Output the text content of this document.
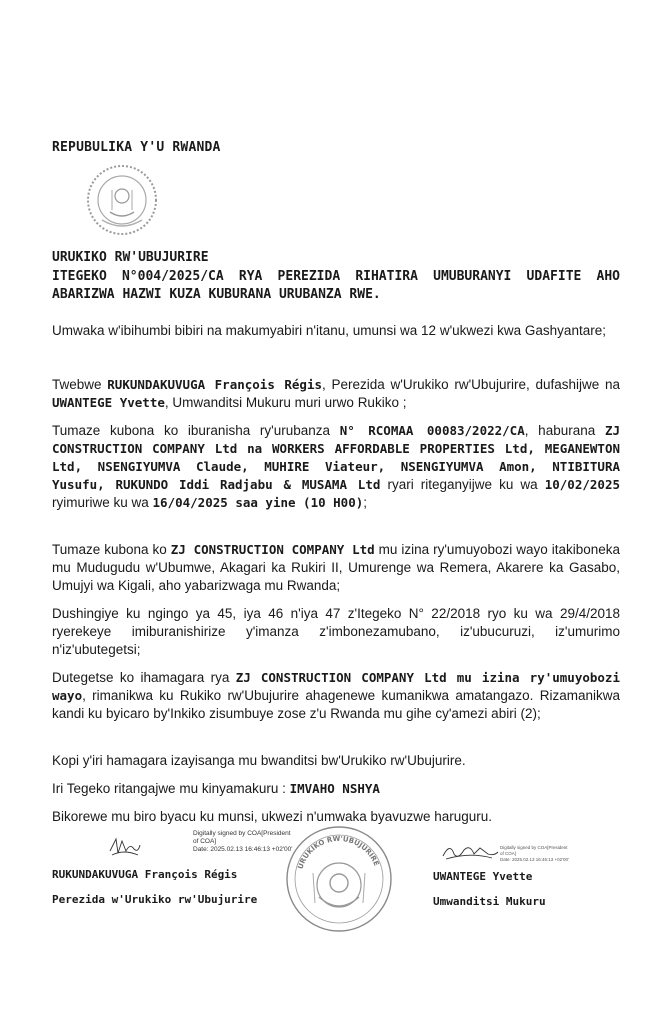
REPUBULIKA Y'U RWANDA
URUKIKO RW'UBUJURIRE
ITEGEKO N°004/2025/CA RYA PEREZIDA RIHATIRA UMUBURANYI UDAFITE AHO ABARIZWA HAZWI KUZA KUBURANA URUBANZA RWE.
Umwaka w'ibihumbi bibiri na makumyabiri n'itanu, umunsi wa 12 w'ukwezi kwa Gashyantare;
Twebwe RUKUNDAKUVUGA François Régis, Perezida w'Urukiko rw'Ubujurire, dufashijwe na UWANTEGE Yvette, Umwanditsi Mukuru muri urwo Rukiko ;
Tumaze kubona ko iburanisha ry'urubanza N° RCOMAA 00083/2022/CA, haburana ZJ CONSTRUCTION COMPANY Ltd na WORKERS AFFORDABLE PROPERTIES Ltd, MEGANEWTON Ltd, NSENGIYUMVA Claude, MUHIRE Viateur, NSENGIYUMVA Amon, NTIBITURA Yusufu, RUKUNDO Iddi Radjabu & MUSAMA Ltd ryari riteganyijwe ku wa 10/02/2025 ryimuriwe ku wa 16/04/2025 saa yine (10 H00);
Tumaze kubona ko ZJ CONSTRUCTION COMPANY Ltd mu izina ry'umuyobozi wayo itakiboneka mu Mudugudu w'Ubumwe, Akagari ka Rukiri II, Umurenge wa Remera, Akarere ka Gasabo, Umujyi wa Kigali, aho yabarizwaga mu Rwanda;
Dushingiye ku ngingo ya 45, iya 46 n'iya 47 z'Itegeko N° 22/2018 ryo ku wa 29/4/2018 ryerekeye imiburanishirize y'imanza z'imbonezamubano, iz'ubucuruzi, iz'umurimo n'iz'ubutegetsi;
Dutegetse ko ihamagara rya ZJ CONSTRUCTION COMPANY Ltd mu izina ry'umuyobozi wayo, rimanikwa ku Rukiko rw'Ubujurire ahagenewe kumanikwa amatangazo. Rizamanikwa kandi ku byicaro by'Inkiko zisumbuye zose z'u Rwanda mu gihe cy'amezi abiri (2);
Kopi y'iri hamagara izayisanga mu bwanditsi bw'Urukiko rw'Ubujurire.
Iri Tegeko ritangajwe mu kinyamakuru : IMVAHO NSHYA
Bikorewe mu biro byacu ku munsi, ukwezi n'umwaka byavuzwe haruguru.
Digitally signed by COA[President
of COA]
Date: 2025.02.13 16:46:13 +02'00'
URUKIKO RW'UBUJURIRE
Digitally signed by COA[President
of COA]
Date: 2025.02.13 16:46:13 +02'00'
RUKUNDAKUVUGA François Régis
Perezida w'Urukiko rw'Ubujurire
UWANTEGE Yvette
Umwanditsi Mukuru
